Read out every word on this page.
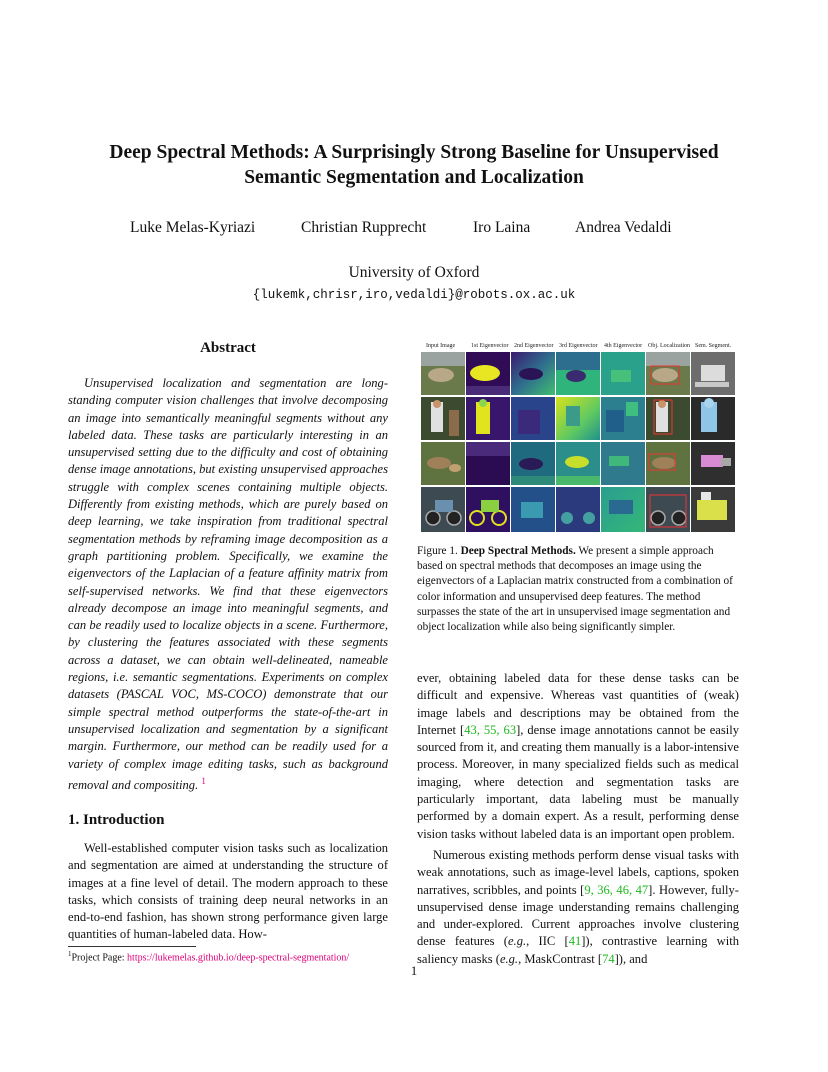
Deep Spectral Methods: A Surprisingly Strong Baseline for Unsupervised
Semantic Segmentation and Localization
Luke Melas-Kyriazi	Christian Rupprecht	Iro Laina	Andrea Vedaldi
University of Oxford
{lukemk,chrisr,iro,vedaldi}@robots.ox.ac.uk
Abstract

Unsupervised localization and segmentation are long-standing computer vision challenges that involve decomposing an image into semantically meaningful segments without any labeled data. These tasks are particularly interesting in an unsupervised setting due to the difficulty and cost of obtaining dense image annotations, but existing unsupervised approaches struggle with complex scenes containing multiple objects. Differently from existing methods, which are purely based on deep learning, we take inspiration from traditional spectral segmentation methods by reframing image decomposition as a graph partitioning problem. Specifically, we examine the eigenvectors of the Laplacian of a feature affinity matrix from self-supervised networks. We find that these eigenvectors already decompose an image into meaningful segments, and can be readily used to localize objects in a scene. Furthermore, by clustering the features associated with these segments across a dataset, we can obtain well-delineated, nameable regions, i.e. semantic segmentations. Experiments on complex datasets (PASCAL VOC, MS-COCO) demonstrate that our simple spectral method outperforms the state-of-the-art in unsupervised localization and segmentation by a significant margin. Furthermore, our method can be readily used for a variety of complex image editing tasks, such as background removal and compositing. $^1$

1. Introduction

Well-established computer vision tasks such as localization and segmentation are aimed at understanding the structure of images at a fine level of detail. The modern approach to these tasks, which consists of training deep neural networks in an end-to-end fashion, has shown strong performance given large quantities of human-labeled data. How-

$^1$Project Page: https://lukemelas.github.io/deep-spectral-segmentation/
Input Image	1st Eigenvector 2nd Eigenvector 3rd Eigenvector 4th Eigenvector Obj. Localization Sem. Segment.
Figure 1. Deep Spectral Methods. We present a simple approach based on spectral methods that decomposes an image using the eigenvectors of a Laplacian matrix constructed from a combination of color information and unsupervised deep features. The method surpasses the state of the art in unsupervised image segmentation and object localization while also being significantly simpler.

ever, obtaining labeled data for these dense tasks can be difficult and expensive. Whereas vast quantities of (weak) image labels and descriptions may be obtained from the Internet [43, 55, 63], dense image annotations cannot be easily sourced from it, and creating them manually is a labor-intensive process. Moreover, in many specialized fields such as medical imaging, where detection and segmentation tasks are particularly important, data labeling must be manually performed by a domain expert. As a result, performing dense vision tasks without labeled data is an important open problem.

Numerous existing methods perform dense visual tasks with weak annotations, such as image-level labels, captions, spoken narratives, scribbles, and points [9, 36, 46, 47]. However, fully-unsupervised dense image understanding remains challenging and under-explored. Current approaches involve clustering dense features (e.g., IIC [41]), contrastive learning with saliency masks (e.g., MaskContrast [74]), and

1
